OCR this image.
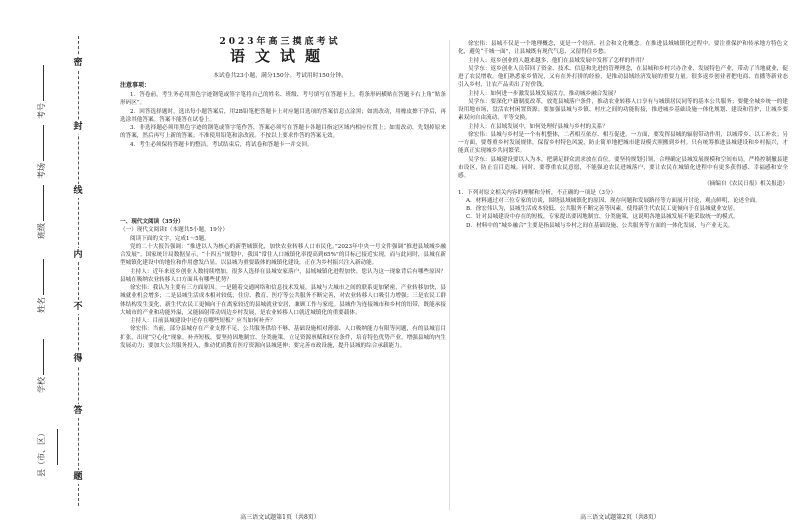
密
封
线
内
不
得
答
题
考号
考场
班级
姓名
学校
县（市、区）
2023年高三摸底考试
语文试题
本试卷共23小题，满分150分。考试用时150分钟。
注意事项：

1．答卷前，考生务必用黑色字迹钢笔或签字笔将自己的姓名、班级、考号填写在答题卡上，将条形码横贴在答题卡右上角“贴条形码区”。

2．回答选择题时，选出每小题答案后，用2B铅笔把答题卡上对应题目选项的答案信息点涂黑；如需改动，用橡皮擦干净后，再选涂其他答案。答案不能答在试卷上。

3．非选择题必须用黑色字迹的钢笔或签字笔作答，答案必须写在答题卡各题目指定区域内相应位置上；如需改动，先划掉原来的答案，然后再写上新的答案；不准使用铅笔和涂改液。不按以上要求作答的答案无效。

4．考生必须保持答题卡的整洁。考试结束后，将试卷和答题卡一并交回。

一、现代文阅读（35分）

（一）现代文阅读Ⅰ（本题共5小题，19分）

阅读下面的文字，完成1～5题。

党的二十大报告强调：“推进以人为核心的新型城镇化，加快农业转移人口市民化。”2023年中央一号文件强调“推进县域城乡融合发展”。国家统计局数据显示，“十四五”规划中，我国“常住人口城镇化率提高到65%”的目标已接近实现，而与此同时，县城在新型城镇化建设中的地位和作用愈发凸显。以县城为重要载体的城镇化建设，正在为乡村振兴注入新动能。

主持人：近年来返乡创业人数持续增加，很多人选择在县城安家落户，县域城镇化进程加快。您认为这一现象背后有哪些原因？县城在吸纳农业转移人口方面具有哪些优势？

徐宏伟：我认为主要有三方面原因。一是随着交通网络和信息技术发展，县城与大城市之间的联系更加紧密，产业转移加快，县城就业机会增多；二是县城生活成本相对较低，住房、教育、医疗等公共服务不断完善，对农业转移人口吸引力增强；三是农民工群体结构发生变化，新生代农民工更倾向于在离家较近的县城就业安居，兼顾工作与家庭。县城作为连接城市和乡村的纽带，既能承接大城市的产业和功能外溢，又能辐射带动周边乡村发展，是农业转移人口就近城镇化的重要载体。

主持人：目前县城建设中还存在哪些短板？应当如何补齐？

徐宏伟：当前，部分县城存在产业支撑不足、公共服务供给不够、基础设施相对薄弱、人口吸纳能力有限等问题，有的县城盲目扩张，出现“空心化”现象。补齐短板，要坚持因地制宜、分类施策，立足资源禀赋和区位条件，培育特色优势产业，增强县城的内生发展动力；要加大公共服务投入，推动优质教育医疗资源向县城延伸；要完善市政设施，提升县城的综合承载能力。

高三语文试题第1页（共8页）

徐宏伟：县城不仅是一个地理概念，更是一个经济、社会和文化概念。在推进县域城镇化过程中，要注重保护和传承地方特色文化，避免“千城一面”，让县城既有现代气息，又留得住乡愁。

主持人：返乡创业的人越来越多，他们在县域发展中发挥了怎样的作用？

吴学东：返乡创业人员带回了资金、技术、信息和先进的管理理念，在县城和乡村兴办企业、发展特色产业，带动了当地就业，促进了农民增收。他们熟悉家乡情况，又有在外打拼的经验，是推动县域经济发展的重要力量。很多返乡创业者把电商、直播等新业态引入乡村，让农产品卖出了好价钱。

主持人：如何进一步激发县域发展活力，推动城乡融合发展？

吴学东：要深化户籍制度改革，放宽县城落户条件，推动农业转移人口享有与城镇居民同等的基本公共服务；要健全城乡统一的建设用地市场，盘活农村闲置资源；要加强县城与乡镇、村庄之间的功能衔接，推进城乡基础设施一体化规划、建设和管护，让城乡要素双向自由流动、平等交换。

主持人：在县域发展中，如何处理好县城与乡村的关系？

徐宏伟：县城与乡村是一个有机整体，二者相互依存、相互促进。一方面，要发挥县城的辐射带动作用，以城带乡、以工补农；另一方面，要尊重乡村发展规律，保留乡村特色风貌，防止简单地把城市建设模式照搬到乡村。只有统筹推进县城建设和乡村振兴，才能真正实现城乡共同繁荣。

吴学东：县城建设要以人为本，把满足群众需求放在首位。要坚持规划引领，合理确定县城发展规模和空间布局，严格控制撤县建市设区，防止盲目造城。同时，要尊重农民意愿，不能强迫农民进城落户，要让农民在城镇化进程中有更多获得感、幸福感和安全感。

（摘编自《农民日报》相关报道）

1．下列对原文相关内容的理解和分析，不正确的一项是（3分）

A．材料通过对三位专家的访谈，围绕县域城镇化的原因、现存问题和发展路径等方面展开讨论，观点鲜明，论述全面。

B．徐宏伟认为，县城生活成本较低、公共服务不断完善等因素，使得新生代农民工更倾向于在县城就业安居。

C．针对县城建设中存在的短板，专家提出要因地制宜、分类施策，这说明各地县城发展不能采取统一的模式。

D．材料中的“城乡融合”主要是指县城与乡村之间在基础设施、公共服务等方面的一体化发展，与产业无关。

高三语文试题第2页（共8页）
